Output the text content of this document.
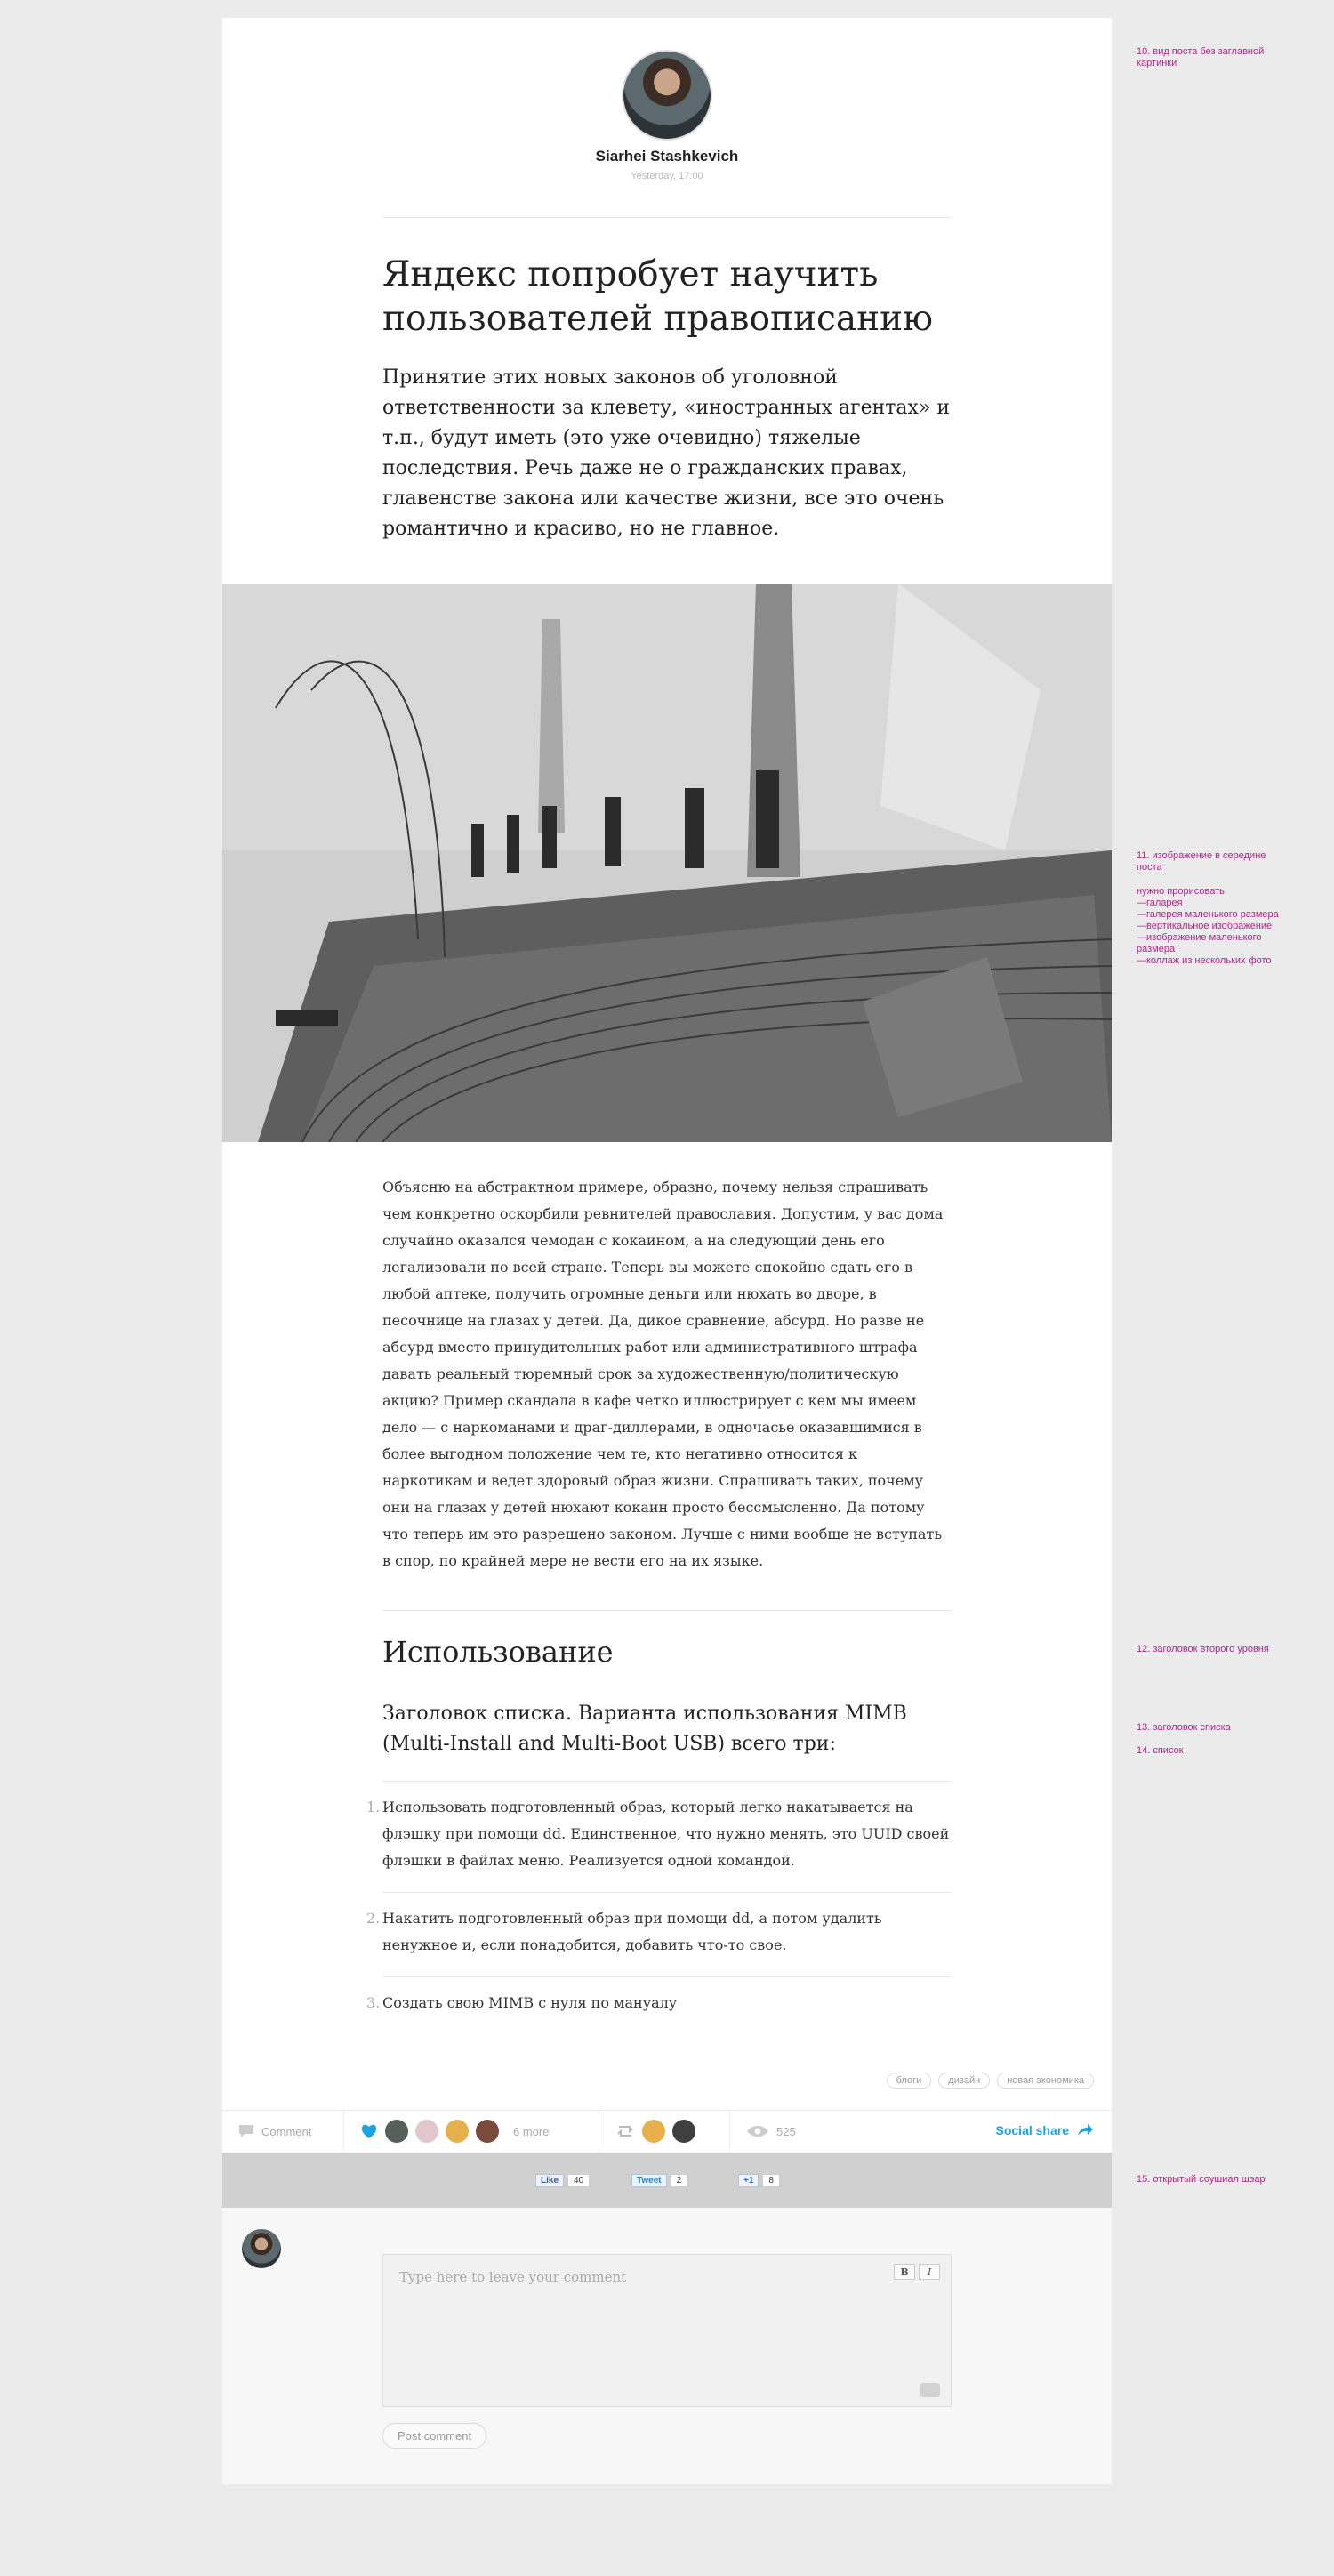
Siarhei Stashkevich
Yesterday, 17:00
Яндекс попробует научить пользователей правописанию
Принятие этих новых законов об уголовной ответственности за клевету, «иностранных агентах» и т.п., будут иметь (это уже очевидно) тяжелые последствия. Речь даже не о гражданских правах, главенстве закона или качестве жизни, все это очень романтично и красиво, но не главное.
Объясню на абстрактном примере, образно, почему нельзя спрашивать чем конкретно оскорбили ревнителей православия. Допустим, у вас дома случайно оказался чемодан с кокаином, а на следующий день его легализовали по всей стране. Теперь вы можете спокойно сдать его в любой аптеке, получить огромные деньги или нюхать во дворе, в песочнице на глазах у детей. Да, дикое сравнение, абсурд. Но разве не абсурд вместо принудительных работ или административного штрафа давать реальный тюремный срок за художественную/политическую акцию? Пример скандала в кафе четко иллюстрирует с кем мы имеем дело — с наркоманами и драг-диллерами, в одночасье оказавшимися в более выгодном положение чем те, кто негативно относится к наркотикам и ведет здоровый образ жизни. Спрашивать таких, почему они на глазах у детей нюхают кокаин просто бессмысленно. Да потому что теперь им это разрешено законом. Лучше с ними вообще не вступать в спор, по крайней мере не вести его на их языке.
Использование
Заголовок списка. Варианта использования MIMB (Multi-Install and Multi-Boot USB) всего три:
1. Использовать подготовленный образ, который легко накатывается на флэшку при помощи dd. Единственное, что нужно менять, это UUID своей флэшки в файлах меню. Реализуется одной командой.
2. Накатить подготовленный образ при помощи dd, а потом удалить ненужное и, если понадобится, добавить что-то свое.
3. Создать свою MIMB с нуля по мануалу
блоги	дизайн	новая экономика
Comment	6 more	525	Social share
Like	40	Tweet	2	+1	8
Type here to leave your comment	B	I
Post comment
10. вид поста без заглавной картинки
11. изображение в середине поста
нужно прорисовать
—галарея
—галерея маленького размера
—вертикальное изображение
—изображение маленького размера
—коллаж из нескольких фото
12. заголовок второго уровня
13. заголовок списка
14. список
15. открытый соушиал шэар
